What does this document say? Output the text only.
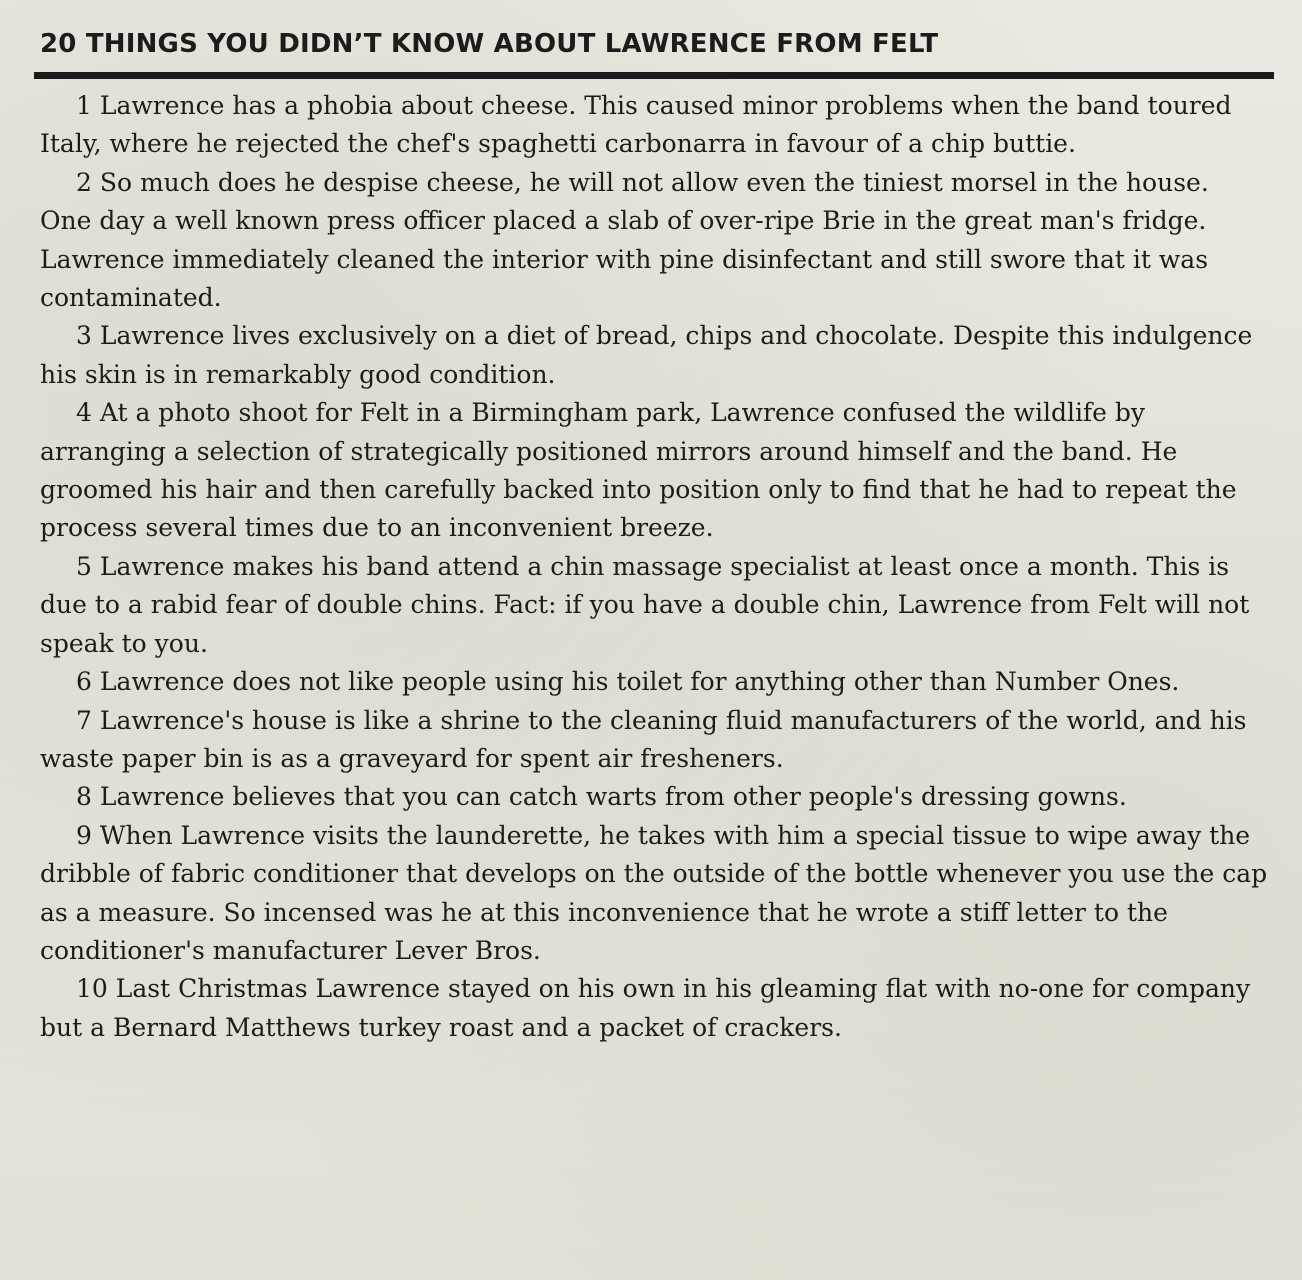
20 THINGS YOU DIDN’T KNOW ABOUT LAWRENCE FROM FELT

1 Lawrence has a phobia about cheese. This caused minor problems when the band toured Italy, where he rejected the chef's spaghetti carbonarra in favour of a chip buttie.

2 So much does he despise cheese, he will not allow even the tiniest morsel in the house. One day a well known press officer placed a slab of over-ripe Brie in the great man's fridge. Lawrence immediately cleaned the interior with pine disinfectant and still swore that it was contaminated.

3 Lawrence lives exclusively on a diet of bread, chips and chocolate. Despite this indulgence his skin is in remarkably good condition.

4 At a photo shoot for Felt in a Birmingham park, Lawrence confused the wildlife by arranging a selection of strategically positioned mirrors around himself and the band. He groomed his hair and then carefully backed into position only to find that he had to repeat the process several times due to an inconvenient breeze.

5 Lawrence makes his band attend a chin massage specialist at least once a month. This is due to a rabid fear of double chins. Fact: if you have a double chin, Lawrence from Felt will not speak to you.

6 Lawrence does not like people using his toilet for anything other than Number Ones.

7 Lawrence's house is like a shrine to the cleaning fluid manufacturers of the world, and his waste paper bin is as a graveyard for spent air fresheners.

8 Lawrence believes that you can catch warts from other people's dressing gowns.

9 When Lawrence visits the launderette, he takes with him a special tissue to wipe away the dribble of fabric conditioner that develops on the outside of the bottle whenever you use the cap as a measure. So incensed was he at this inconvenience that he wrote a stiff letter to the conditioner's manufacturer Lever Bros.

10 Last Christmas Lawrence stayed on his own in his gleaming flat with no-one for company but a Bernard Matthews turkey roast and a packet of crackers.
